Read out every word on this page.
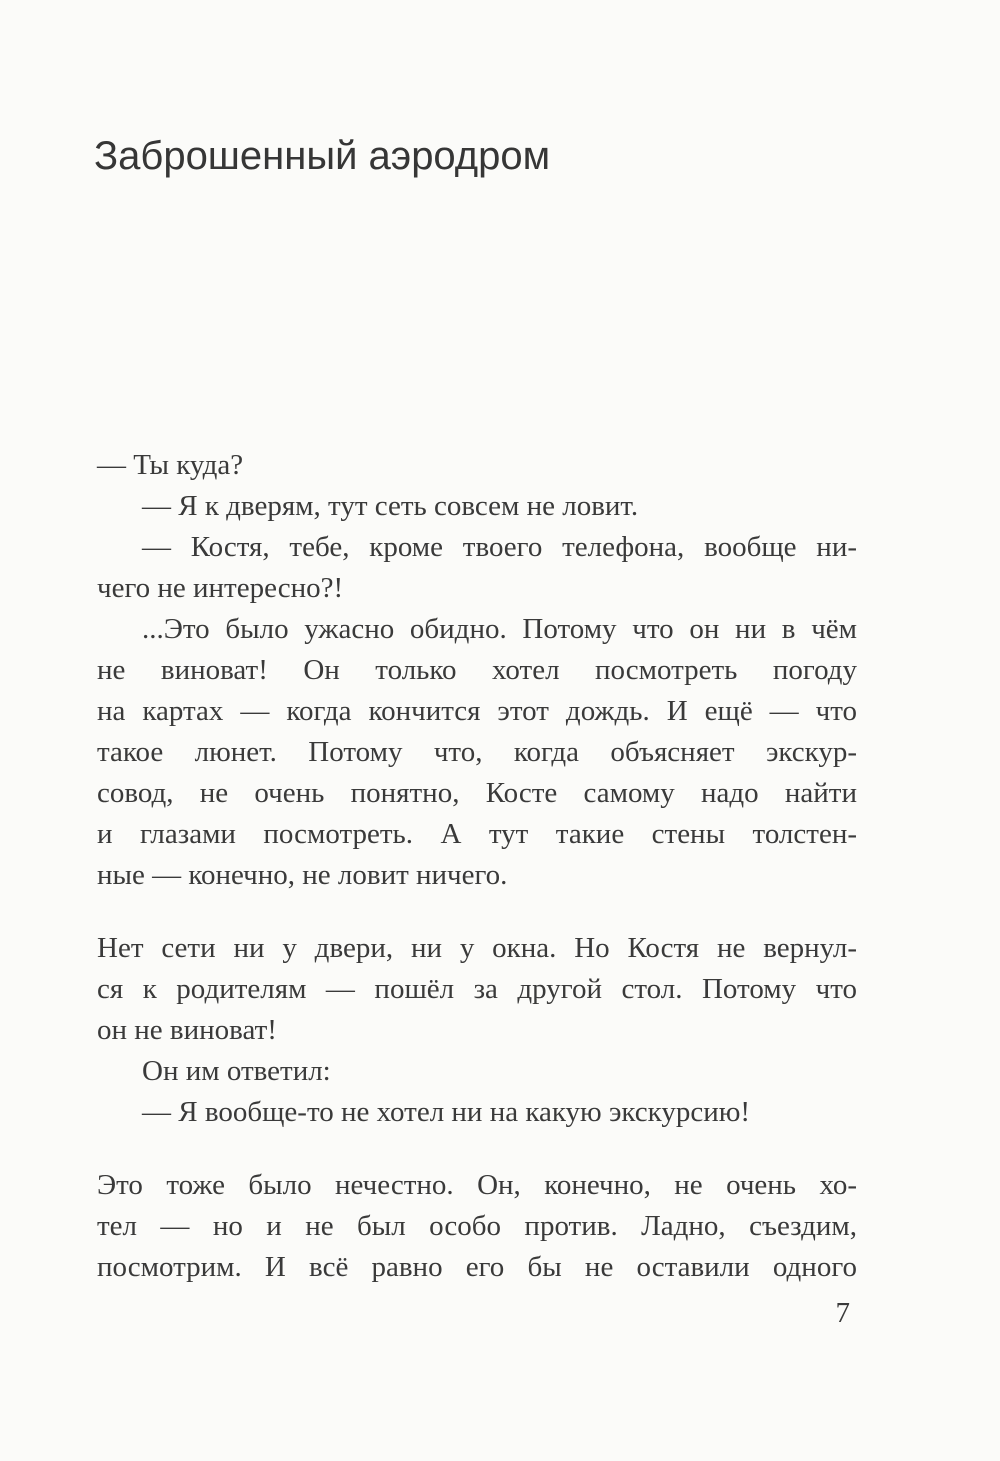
Заброшенный аэродром
— Ты куда?
— Я к дверям, тут сеть совсем не ловит.
— Костя, тебе, кроме твоего телефона, вообще ни-
чего не интересно?!
...Это было ужасно обидно. Потому что он ни в чём
не виноват! Он только хотел посмотреть погоду
на картах — когда кончится этот дождь. И ещё — что
такое люнет. Потому что, когда объясняет экскур-
совод, не очень понятно, Косте самому надо найти
и глазами посмотреть. А тут такие стены толстен-
ные — конечно, не ловит ничего.
Нет сети ни у двери, ни у окна. Но Костя не вернул-
ся к родителям — пошёл за другой стол. Потому что
он не виноват!
Он им ответил:
— Я вообще-то не хотел ни на какую экскурсию!
Это тоже было нечестно. Он, конечно, не очень хо-
тел — но и не был особо против. Ладно, съездим,
посмотрим. И всё равно его бы не оставили одного
7
